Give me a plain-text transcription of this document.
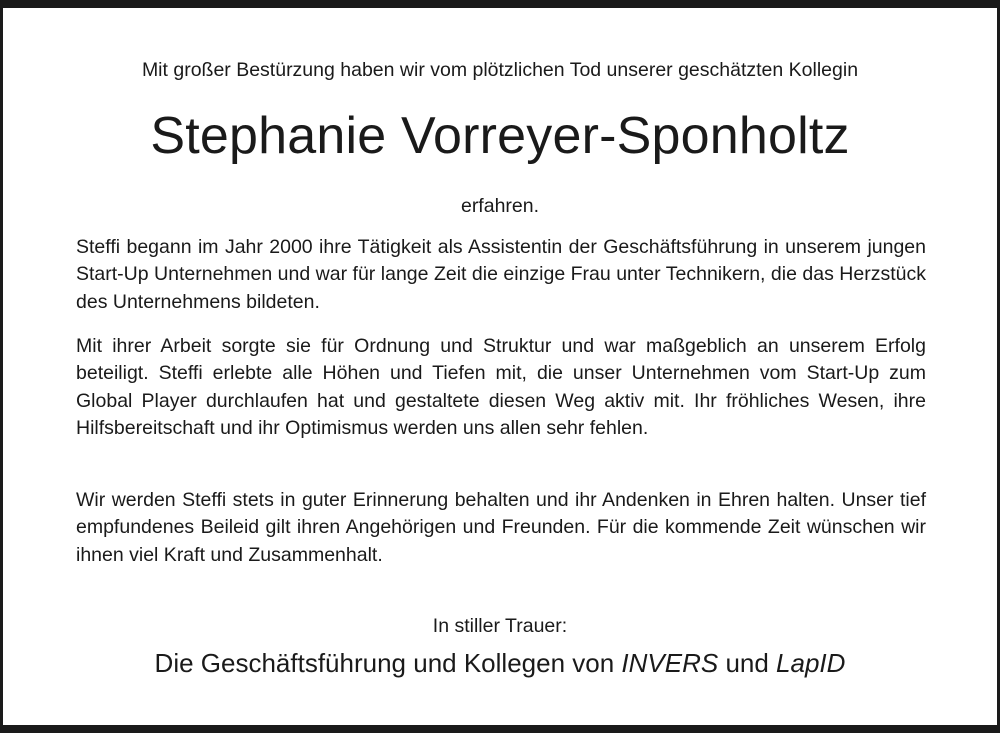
Mit großer Bestürzung haben wir vom plötzlichen Tod unserer geschätzten Kollegin
Stephanie Vorreyer-Sponholtz
erfahren.
Steffi begann im Jahr 2000 ihre Tätigkeit als Assistentin der Geschäftsführung in unserem jungen Start-Up Unternehmen und war für lange Zeit die einzige Frau unter Technikern, die das Herzstück des Unternehmens bildeten.
Mit ihrer Arbeit sorgte sie für Ordnung und Struktur und war maßgeblich an unserem Erfolg beteiligt. Steffi erlebte alle Höhen und Tiefen mit, die unser Unternehmen vom Start-Up zum Global Player durchlaufen hat und gestaltete diesen Weg aktiv mit. Ihr fröhliches Wesen, ihre Hilfsbereitschaft und ihr Optimismus werden uns allen sehr fehlen.
Wir werden Steffi stets in guter Erinnerung behalten und ihr Andenken in Ehren halten. Unser tief empfundenes Beileid gilt ihren Angehörigen und Freunden. Für die kommende Zeit wünschen wir ihnen viel Kraft und Zusammenhalt.
In stiller Trauer:
Die Geschäftsführung und Kollegen von INVERS und LapID
